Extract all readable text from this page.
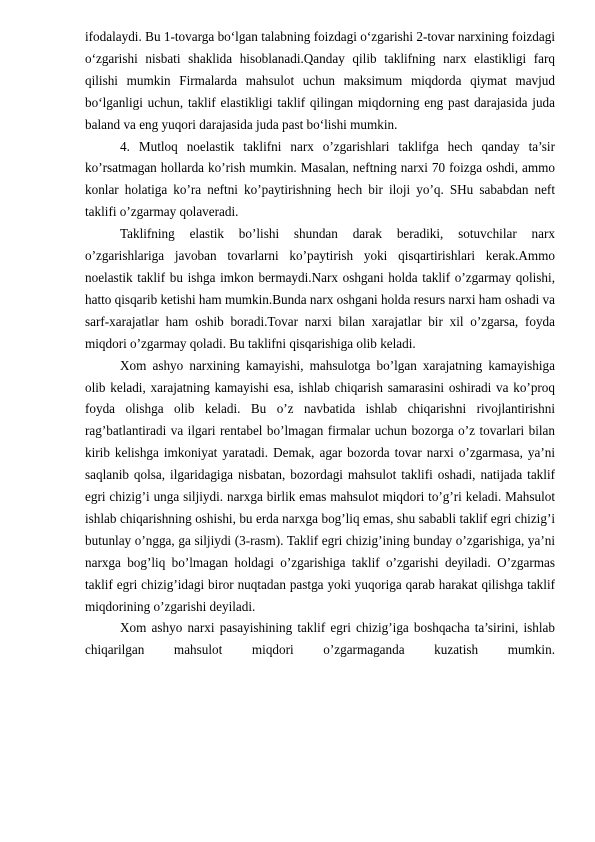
ifodalaydi. Bu 1-tovarga boʻlgan talabning foizdagi oʻzgarishi 2-tovar narxining foizdagi oʻzgarishi nisbati shaklida hisoblanadi.Qanday qilib taklifning narx elastikligi farq qilishi mumkin Firmalarda mahsulot uchun maksimum miqdorda qiymat mavjud boʻlganligi uchun, taklif elastikligi taklif qilingan miqdorning eng past darajasida juda baland va eng yuqori darajasida juda past boʻlishi mumkin.

4. Mutloq noelastik taklifni narx o’zgarishlari taklifga hech qanday ta’sir ko’rsatmagan hollarda ko’rish mumkin. Masalan, neftning narxi 70 foizga oshdi, ammo konlar holatiga ko’ra neftni ko’paytirishning hech bir iloji yo’q. SHu sababdan neft taklifi o’zgarmay qolaveradi.

Taklifning elastik bo’lishi shundan darak beradiki, sotuvchilar narx o’zgarishlariga javoban tovarlarni ko’paytirish yoki qisqartirishlari kerak.Ammo noelastik taklif bu ishga imkon bermaydi.Narx oshgani holda taklif o’zgarmay qolishi, hatto qisqarib ketishi ham mumkin.Bunda narx oshgani holda resurs narxi ham oshadi va sarf-xarajatlar ham oshib boradi.Tovar narxi bilan xarajatlar bir xil o’zgarsa, foyda miqdori o’zgarmay qoladi. Bu taklifni qisqarishiga olib keladi.

Xom ashyo narxining kamayishi, mahsulotga bo’lgan xarajatning kamayishiga olib keladi, xarajatning kamayishi esa, ishlab chiqarish samarasini oshiradi va ko’proq foyda olishga olib keladi. Bu o’z navbatida ishlab chiqarishni rivojlantirishni rag’batlantiradi va ilgari rentabel bo’lmagan firmalar uchun bozorga o’z tovarlari bilan kirib kelishga imkoniyat yaratadi. Demak, agar bozorda tovar narxi o’zgarmasa, ya’ni saqlanib qolsa, ilgaridagiga nisbatan, bozordagi mahsulot taklifi oshadi, natijada taklif egri chizig’i unga siljiydi. narxga birlik emas mahsulot miqdori to’g’ri keladi. Mahsulot ishlab chiqarishning oshishi, bu erda narxga bog’liq emas, shu sababli taklif egri chizig’i butunlay o’ngga, ga siljiydi (3-rasm). Taklif egri chizig’ining bunday o’zgarishiga, ya’ni narxga bog’liq bo’lmagan holdagi o’zgarishiga taklif o’zgarishi deyiladi. O’zgarmas taklif egri chizig’idagi biror nuqtadan pastga yoki yuqoriga qarab harakat qilishga taklif miqdorining o’zgarishi deyiladi.

Xom ashyo narxi pasayishining taklif egri chizig’iga boshqacha ta’sirini, ishlab chiqarilgan mahsulot miqdori o’zgarmaganda kuzatish mumkin.
